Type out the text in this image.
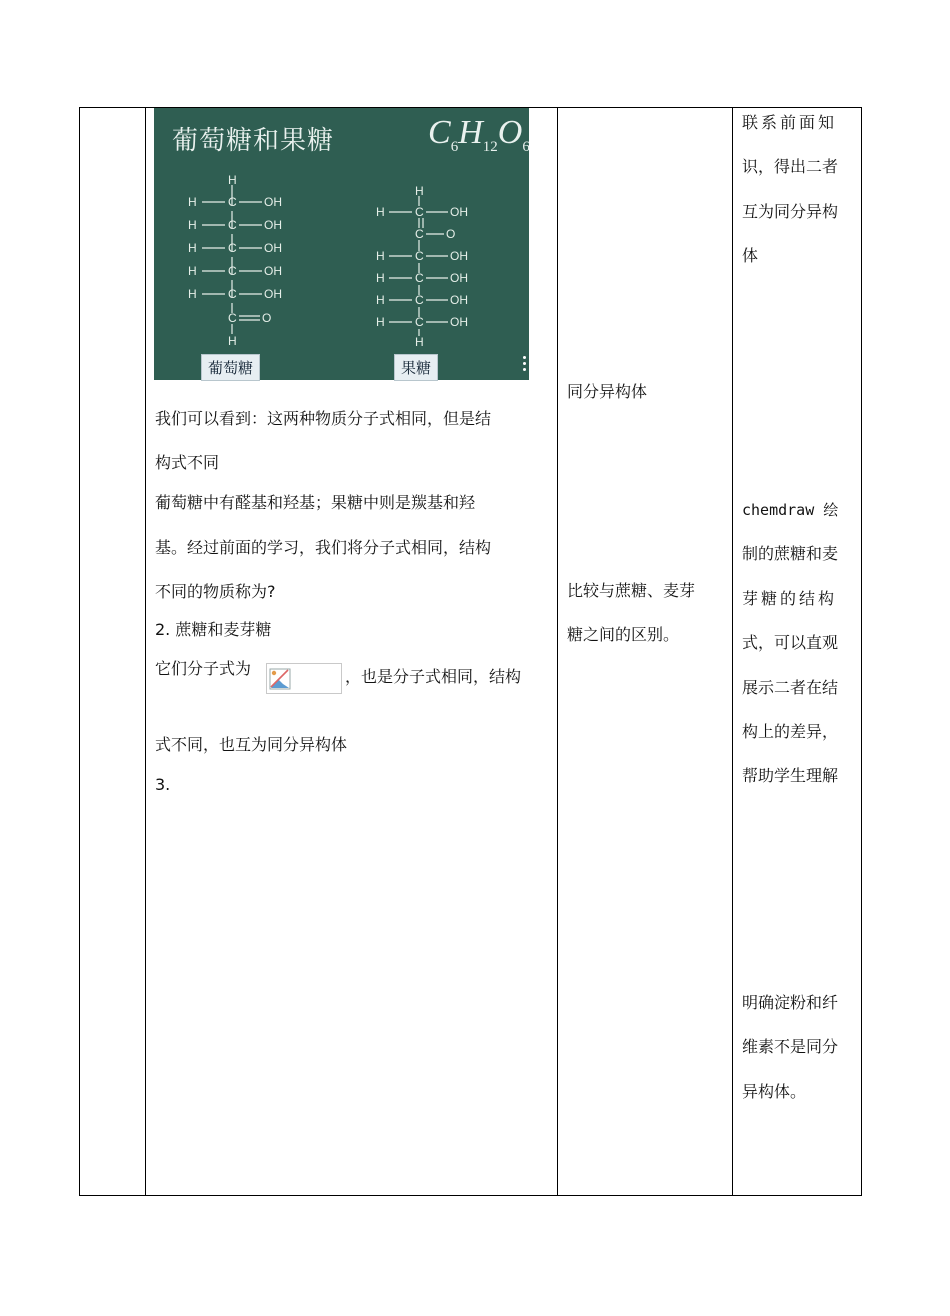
葡萄糖和果糖	$C_6H_{12}O_6$
H
H	C OH
H	C OH
H	C OH
H	C OH
H	C OH
C O
H
H
H	C OH
C O
H	C OH
H	C OH
H	C OH
H	C OH
H
葡萄糖	果糖
我们可以看到：这两种物质分子式相同，但是结
构式不同
葡萄糖中有醛基和羟基；果糖中则是羰基和羟
基。经过前面的学习，我们将分子式相同，结构
不同的物质称为?
2. 蔗糖和麦芽糖
它们分子式为	，也是分子式相同，结构
式不同，也互为同分异构体
3.
同分异构体
比较与蔗糖、麦芽
糖之间的区别。
联系前面知
识，得出二者
互为同分异构
体
chemdraw 绘
制的蔗糖和麦
芽糖的结构
式，可以直观
展示二者在结
构上的差异，
帮助学生理解
明确淀粉和纤
维素不是同分
异构体。
